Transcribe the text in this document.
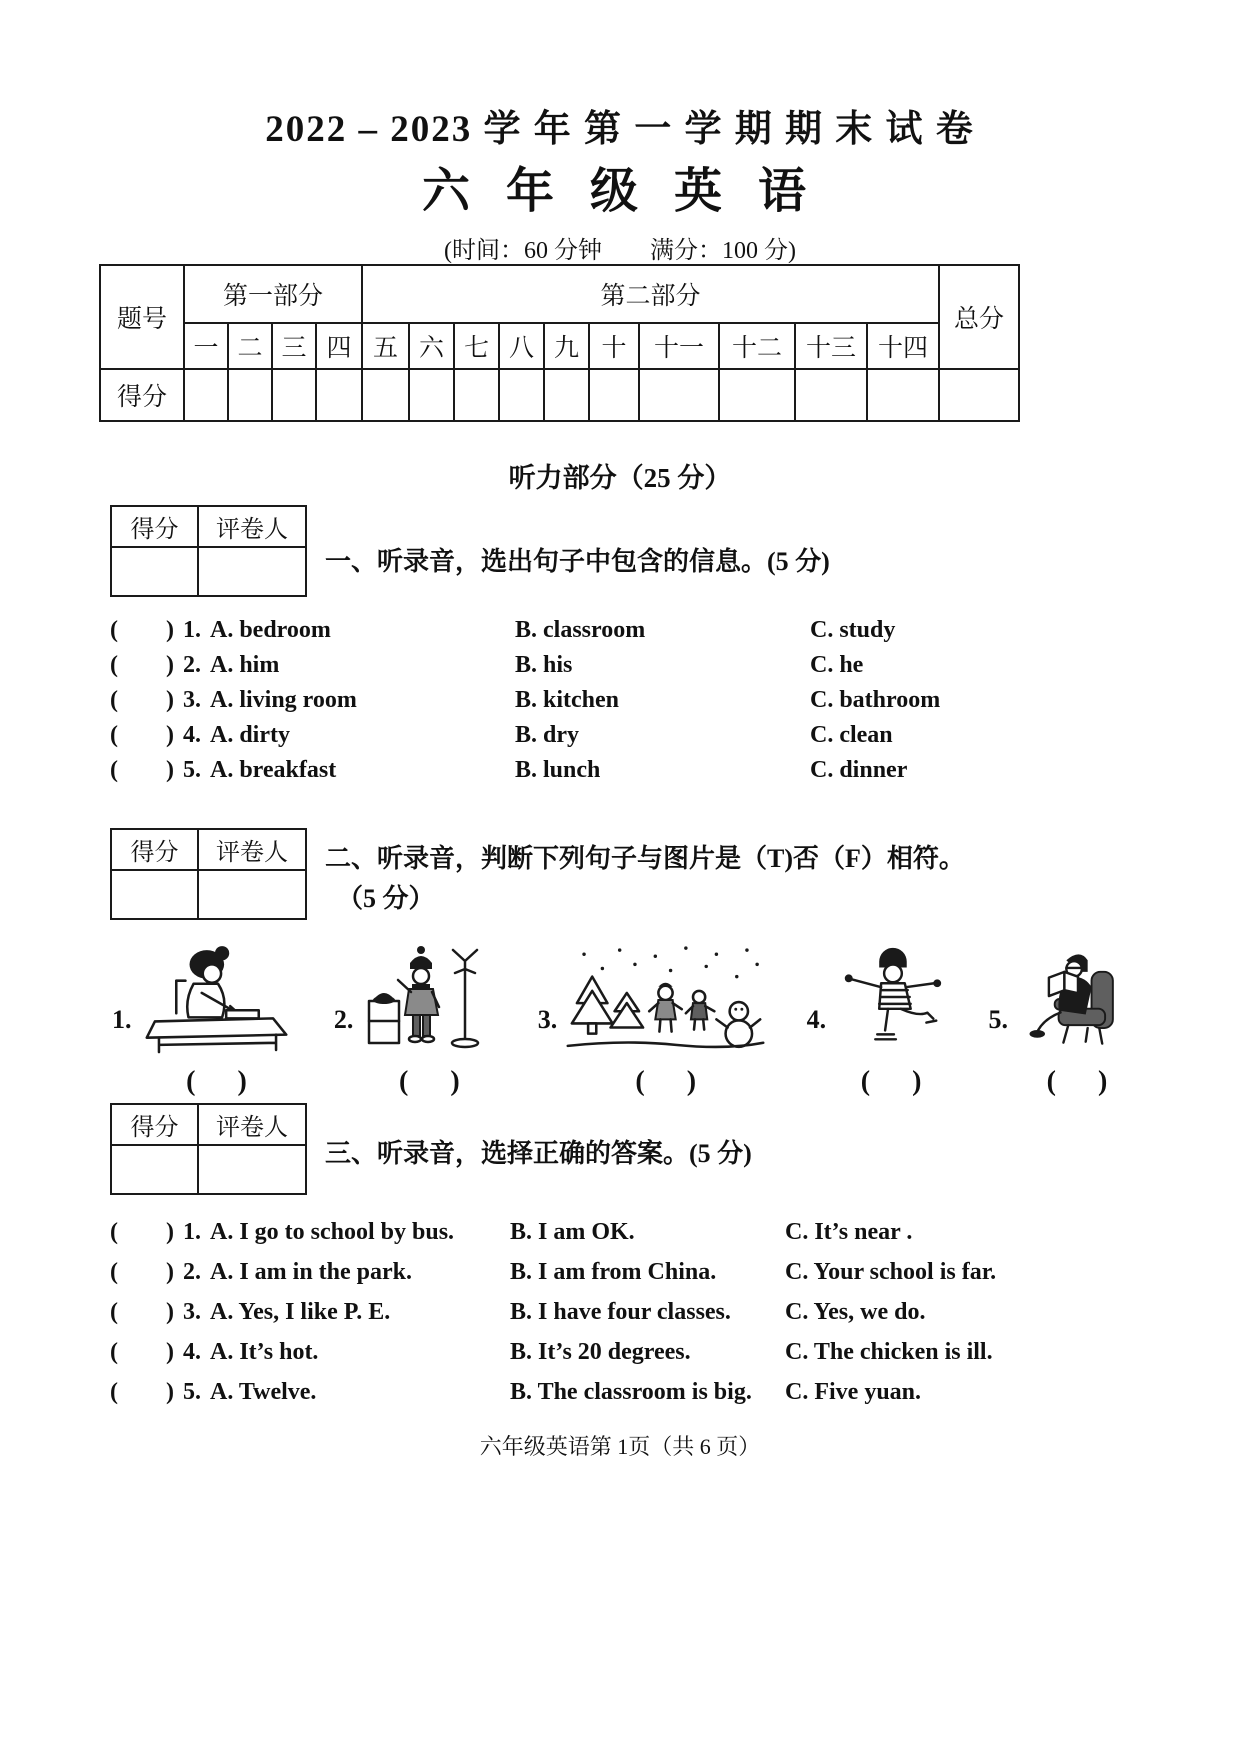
2022 – 2023 学 年 第 一 学 期 期 末 试 卷
六 年 级 英 语
(时间：60 分钟　　满分：100 分)
题号	第一部分				第二部分										总分
	一	二	三	四	五	六	七	八	九	十	十一	十二	十三	十四	
得分															
听力部分（25 分）
得分	评卷人

一、听录音，选出句子中包含的信息。(5 分)
(        ) 1. A. bedroom	B. classroom	C. study
(        ) 2. A. him	B. his	C. he
(        ) 3. A. living room	B. kitchen	C. bathroom
(        ) 4. A. dirty	B. dry	C. clean
(        ) 5. A. breakfast	B. lunch	C. dinner
得分	评卷人
	二、听录音，判断下列句子与图片是（T)否（F）相符。
（5 分）
1.
(      )
2.
(      )
3.
(      )
4.
(      )
5.
(      )
得分	评卷人

三、听录音，选择正确的答案。(5 分)
(        ) 1. A. I go to school by bus.	B. I am OK.	C. It’s near .
(        ) 2. A. I am in the park.	B. I am from China.	C. Your school is far.
(        ) 3. A. Yes, I like P. E.	B. I have four classes.	C. Yes, we do.
(        ) 4. A. It’s hot.	B. It’s 20 degrees.	C. The chicken is ill.
(        ) 5. A. Twelve.	B. The classroom is big.	C. Five yuan.
六年级英语第 1页（共 6 页）
